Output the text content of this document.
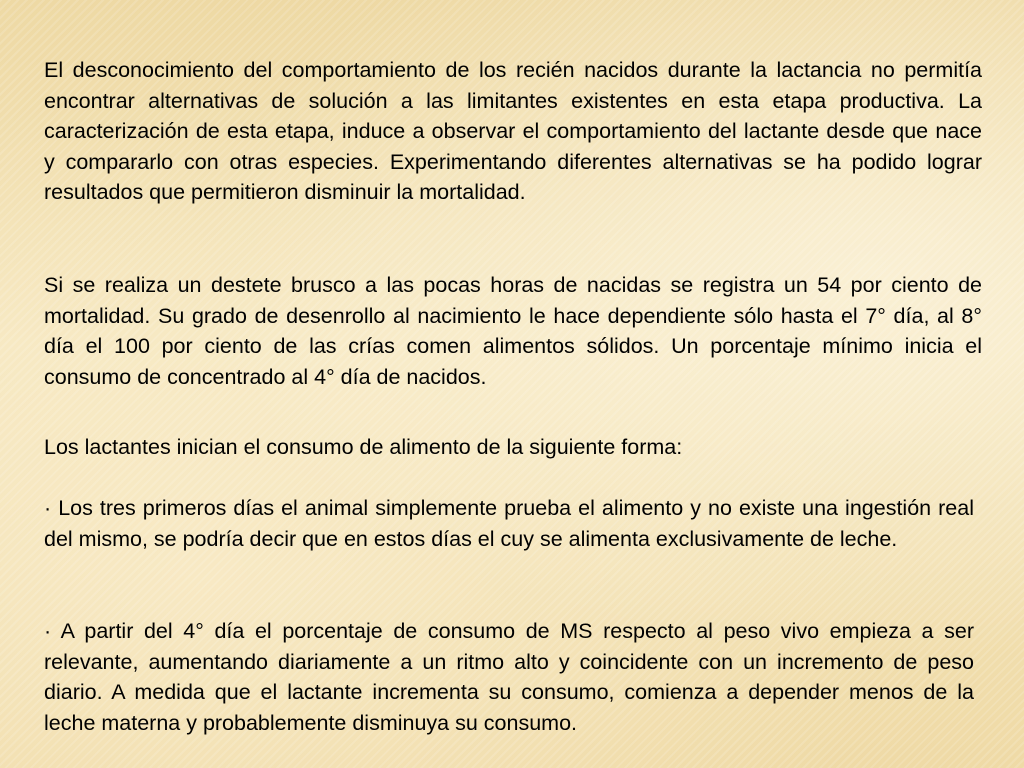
El desconocimiento del comportamiento de los recién nacidos durante la lactancia no permitía encontrar alternativas de solución a las limitantes existentes en esta etapa productiva. La caracterización de esta etapa, induce a observar el comportamiento del lactante desde que nace y compararlo con otras especies. Experimentando diferentes alternativas se ha podido lograr resultados que permitieron disminuir la mortalidad.

Si se realiza un destete brusco a las pocas horas de nacidas se registra un 54 por ciento de mortalidad. Su grado de desenrollo al nacimiento le hace dependiente sólo hasta el 7° día, al 8° día el 100 por ciento de las crías comen alimentos sólidos. Un porcentaje mínimo inicia el consumo de concentrado al 4° día de nacidos.

Los lactantes inician el consumo de alimento de la siguiente forma:

· Los tres primeros días el animal simplemente prueba el alimento y no existe una ingestión real del mismo, se podría decir que en estos días el cuy se alimenta exclusivamente de leche.

· A partir del 4° día el porcentaje de consumo de MS respecto al peso vivo empieza a ser relevante, aumentando diariamente a un ritmo alto y coincidente con un incremento de peso diario. A medida que el lactante incrementa su consumo, comienza a depender menos de la leche materna y probablemente disminuya su consumo.
